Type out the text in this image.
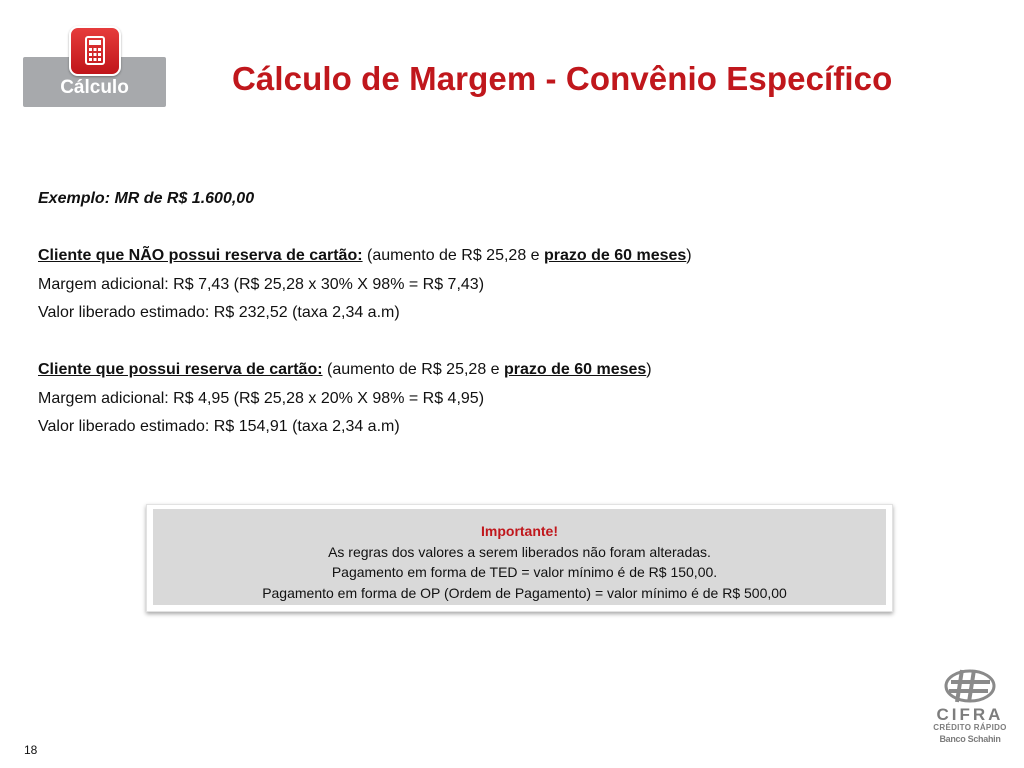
Cálculo	Cálculo de Margem - Convênio Específico

Exemplo: MR de R$ 1.600,00

Cliente que NÃO possui reserva de cartão: (aumento de R$ 25,28 e prazo de 60 meses)

Margem adicional: R$ 7,43 (R$ 25,28 x 30% X 98% = R$ 7,43)

Valor liberado estimado: R$ 232,52 (taxa 2,34 a.m)

Cliente que possui reserva de cartão: (aumento de R$ 25,28 e prazo de 60 meses)

Margem adicional: R$ 4,95 (R$ 25,28 x 20% X 98% = R$ 4,95)

Valor liberado estimado: R$ 154,91 (taxa 2,34 a.m)

Importante!
As regras dos valores a serem liberados não foram alteradas.
Pagamento em forma de TED = valor mínimo é de R$ 150,00.
Pagamento em forma de OP (Ordem de Pagamento) = valor mínimo é de R$ 500,00
CIFRA
CRÉDITO RÁPIDO
Banco Schahin
18
